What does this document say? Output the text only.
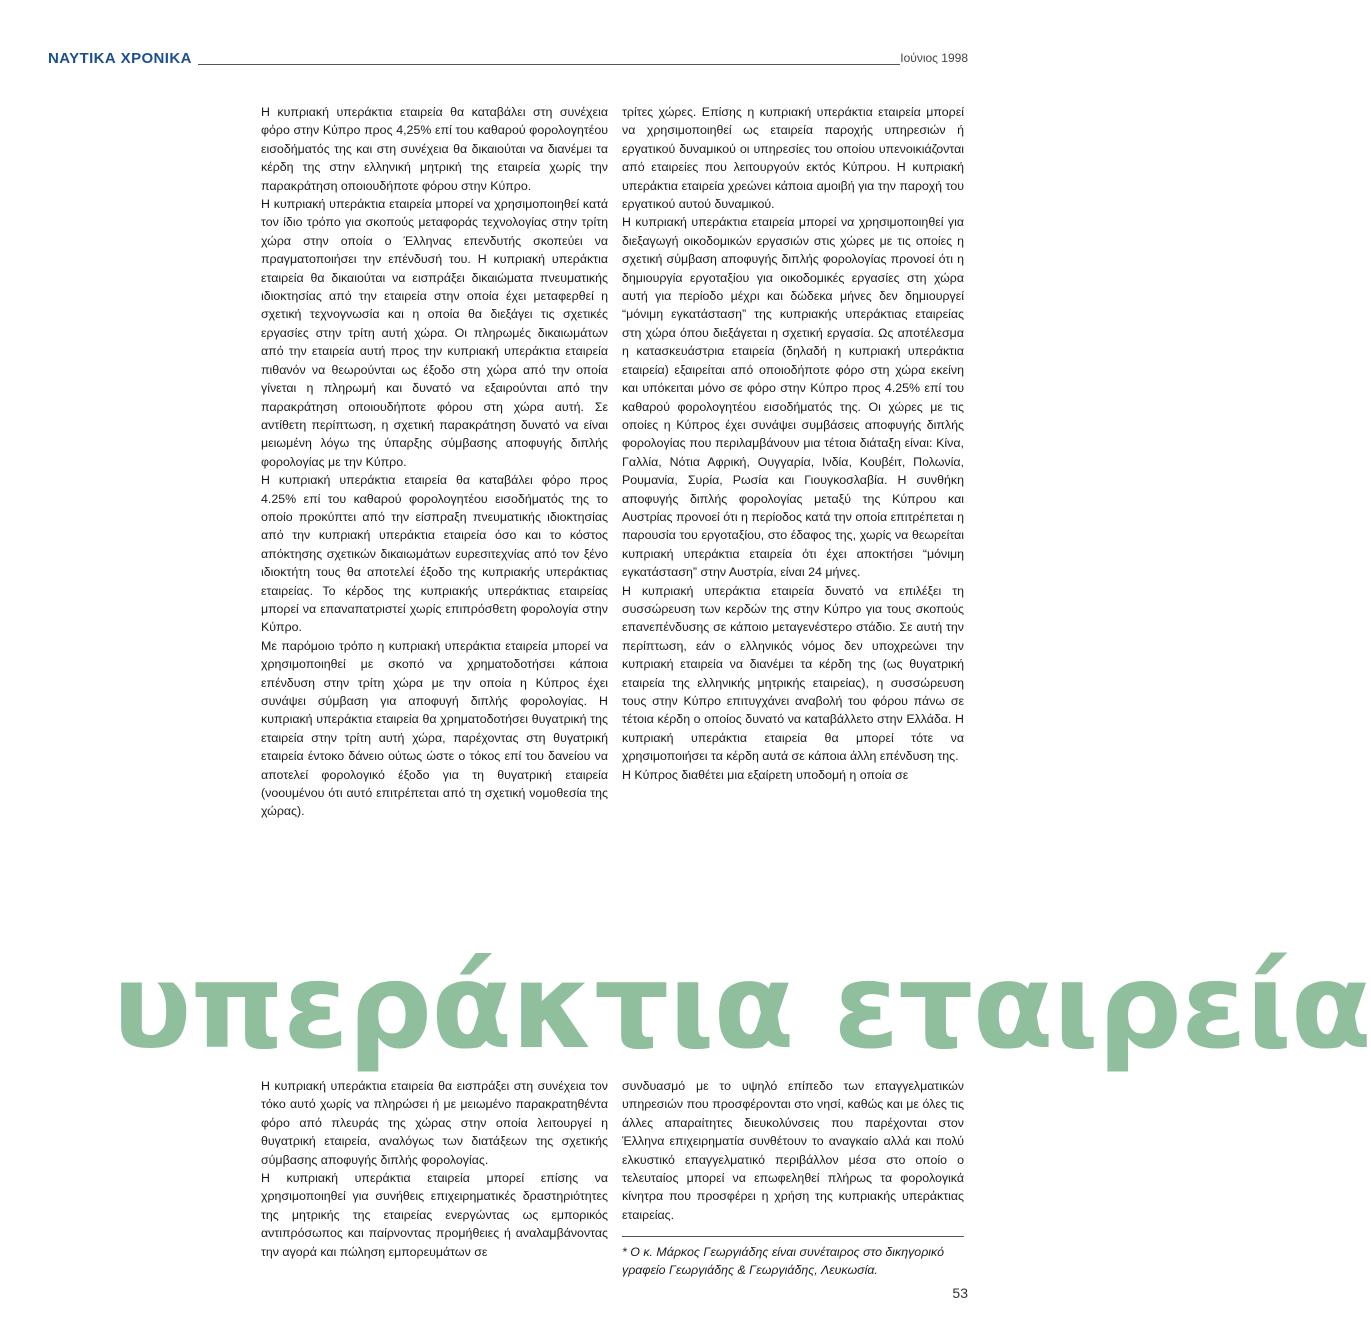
ΝΑΥΤΙΚΑ ΧΡΟΝΙΚΑ	Ιούνιος 1998

Η κυπριακή υπεράκτια εταιρεία θα καταβάλει στη συνέχεια φόρο στην Κύπρο προς 4,25% επί του καθαρού φορολογητέου εισοδήματός της και στη συνέχεια θα δικαιούται να διανέμει τα κέρδη της στην ελληνική μητρική της εταιρεία χωρίς την παρακράτηση οποιουδήποτε φόρου στην Κύπρο.

Η κυπριακή υπεράκτια εταιρεία μπορεί να χρησιμοποιηθεί κατά τον ίδιο τρόπο για σκοπούς μεταφοράς τεχνολογίας στην τρίτη χώρα στην οποία ο Έλληνας επενδυτής σκοπεύει να πραγματοποιήσει την επένδυσή του. Η κυπριακή υπεράκτια εταιρεία θα δικαιούται να εισπράξει δικαιώματα πνευματικής ιδιοκτησίας από την εταιρεία στην οποία έχει μεταφερθεί η σχετική τεχνογνωσία και η οποία θα διεξάγει τις σχετικές εργασίες στην τρίτη αυτή χώρα. Οι πληρωμές δικαιωμάτων από την εταιρεία αυτή προς την κυπριακή υπεράκτια εταιρεία πιθανόν να θεωρούνται ως έξοδο στη χώρα από την οποία γίνεται η πληρωμή και δυνατό να εξαιρούνται από την παρακράτηση οποιουδήποτε φόρου στη χώρα αυτή. Σε αντίθετη περίπτωση, η σχετική παρακράτηση δυνατό να είναι μειωμένη λόγω της ύπαρξης σύμβασης αποφυγής διπλής φορολογίας με την Κύπρο.

Η κυπριακή υπεράκτια εταιρεία θα καταβάλει φόρο προς 4.25% επί του καθαρού φορολογητέου εισοδήματός της το οποίο προκύπτει από την είσπραξη πνευματικής ιδιοκτησίας από την κυπριακή υπεράκτια εταιρεία όσο και το κόστος απόκτησης σχετικών δικαιωμάτων ευρεσιτεχνίας από τον ξένο ιδιοκτήτη τους θα αποτελεί έξοδο της κυπριακής υπεράκτιας εταιρείας. Το κέρδος της κυπριακής υπεράκτιας εταιρείας μπορεί να επαναπατριστεί χωρίς επιπρόσθετη φορολογία στην Κύπρο.

Με παρόμοιο τρόπο η κυπριακή υπεράκτια εταιρεία μπορεί να χρησιμοποιηθεί με σκοπό να χρηματοδοτήσει κάποια επένδυση στην τρίτη χώρα με την οποία η Κύπρος έχει συνάψει σύμβαση για αποφυγή διπλής φορολογίας. Η κυπριακή υπεράκτια εταιρεία θα χρηματοδοτήσει θυγατρική της εταιρεία στην τρίτη αυτή χώρα, παρέχοντας στη θυγατρική εταιρεία έντοκο δάνειο ούτως ώστε ο τόκος επί του δανείου να αποτελεί φορολογικό έξοδο για τη θυγατρική εταιρεία (νοουμένου ότι αυτό επιτρέπεται από τη σχετική νομοθεσία της χώρας).

τρίτες χώρες. Επίσης η κυπριακή υπεράκτια εταιρεία μπορεί να χρησιμοποιηθεί ως εταιρεία παροχής υπηρεσιών ή εργατικού δυναμικού οι υπηρεσίες του οποίου υπενοικιάζονται από εταιρείες που λειτουργούν εκτός Κύπρου. Η κυπριακή υπεράκτια εταιρεία χρεώνει κάποια αμοιβή για την παροχή του εργατικού αυτού δυναμικού.

Η κυπριακή υπεράκτια εταιρεία μπορεί να χρησιμοποιηθεί για διεξαγωγή οικοδομικών εργασιών στις χώρες με τις οποίες η σχετική σύμβαση αποφυγής διπλής φορολογίας προνοεί ότι η δημιουργία εργοταξίου για οικοδομικές εργασίες στη χώρα αυτή για περίοδο μέχρι και δώδεκα μήνες δεν δημιουργεί “μόνιμη εγκατάσταση” της κυπριακής υπεράκτιας εταιρείας στη χώρα όπου διεξάγεται η σχετική εργασία. Ως αποτέλεσμα η κατασκευάστρια εταιρεία (δηλαδή η κυπριακή υπεράκτια εταιρεία) εξαιρείται από οποιοδήποτε φόρο στη χώρα εκείνη και υπόκειται μόνο σε φόρο στην Κύπρο προς 4.25% επί του καθαρού φορολογητέου εισοδήματός της. Οι χώρες με τις οποίες η Κύπρος έχει συνάψει συμβάσεις αποφυγής διπλής φορολογίας που περιλαμβάνουν μια τέτοια διάταξη είναι: Κίνα, Γαλλία, Νότια Αφρική, Ουγγαρία, Ινδία, Κουβέιτ, Πολωνία, Ρουμανία, Συρία, Ρωσία και Γιουγκοσλαβία. Η συνθήκη αποφυγής διπλής φορολογίας μεταξύ της Κύπρου και Αυστρίας προνοεί ότι η περίοδος κατά την οποία επιτρέπεται η παρουσία του εργοταξίου, στο έδαφος της, χωρίς να θεωρείται κυπριακή υπεράκτια εταιρεία ότι έχει αποκτήσει “μόνιμη εγκατάσταση” στην Αυστρία, είναι 24 μήνες.

Η κυπριακή υπεράκτια εταιρεία δυνατό να επιλέξει τη συσσώρευση των κερδών της στην Κύπρο για τους σκοπούς επανεπένδυσης σε κάποιο μεταγενέστερο στάδιο. Σε αυτή την περίπτωση, εάν ο ελληνικός νόμος δεν υποχρεώνει την κυπριακή εταιρεία να διανέμει τα κέρδη της (ως θυγατρική εταιρεία της ελληνικής μητρικής εταιρείας), η συσσώρευση τους στην Κύπρο επιτυγχάνει αναβολή του φόρου πάνω σε τέτοια κέρδη ο οποίος δυνατό να καταβάλλετο στην Ελλάδα. Η κυπριακή υπεράκτια εταιρεία θα μπορεί τότε να χρησιμοποιήσει τα κέρδη αυτά σε κάποια άλλη επένδυση της.

Η Κύπρος διαθέτει μια εξαίρετη υποδομή η οποία σε

υπεράκτια εταιρεία

Η κυπριακή υπεράκτια εταιρεία θα εισπράξει στη συνέχεια τον τόκο αυτό χωρίς να πληρώσει ή με μειωμένο παρακρατηθέντα φόρο από πλευράς της χώρας στην οποία λειτουργεί η θυγατρική εταιρεία, αναλόγως των διατάξεων της σχετικής σύμβασης αποφυγής διπλής φορολογίας.

Η κυπριακή υπεράκτια εταιρεία μπορεί επίσης να χρησιμοποιηθεί για συνήθεις επιχειρηματικές δραστηριότητες της μητρικής της εταιρείας ενεργώντας ως εμπορικός αντιπρόσωπος και παίρνοντας προμήθειες ή αναλαμβάνοντας την αγορά και πώληση εμπορευμάτων σε

συνδυασμό με το υψηλό επίπεδο των επαγγελματικών υπηρεσιών που προσφέρονται στο νησί, καθώς και με όλες τις άλλες απαραίτητες διευκολύνσεις που παρέχονται στον Έλληνα επιχειρηματία συνθέτουν το αναγκαίο αλλά και πολύ ελκυστικό επαγγελματικό περιβάλλον μέσα στο οποίο ο τελευταίος μπορεί να επωφεληθεί πλήρως τα φορολογικά κίνητρα που προσφέρει η χρήση της κυπριακής υπεράκτιας εταιρείας.

* Ο κ. Μάρκος Γεωργιάδης είναι συνέταιρος στο δικηγορικό γραφείο Γεωργιάδης & Γεωργιάδης, Λευκωσία.
53
